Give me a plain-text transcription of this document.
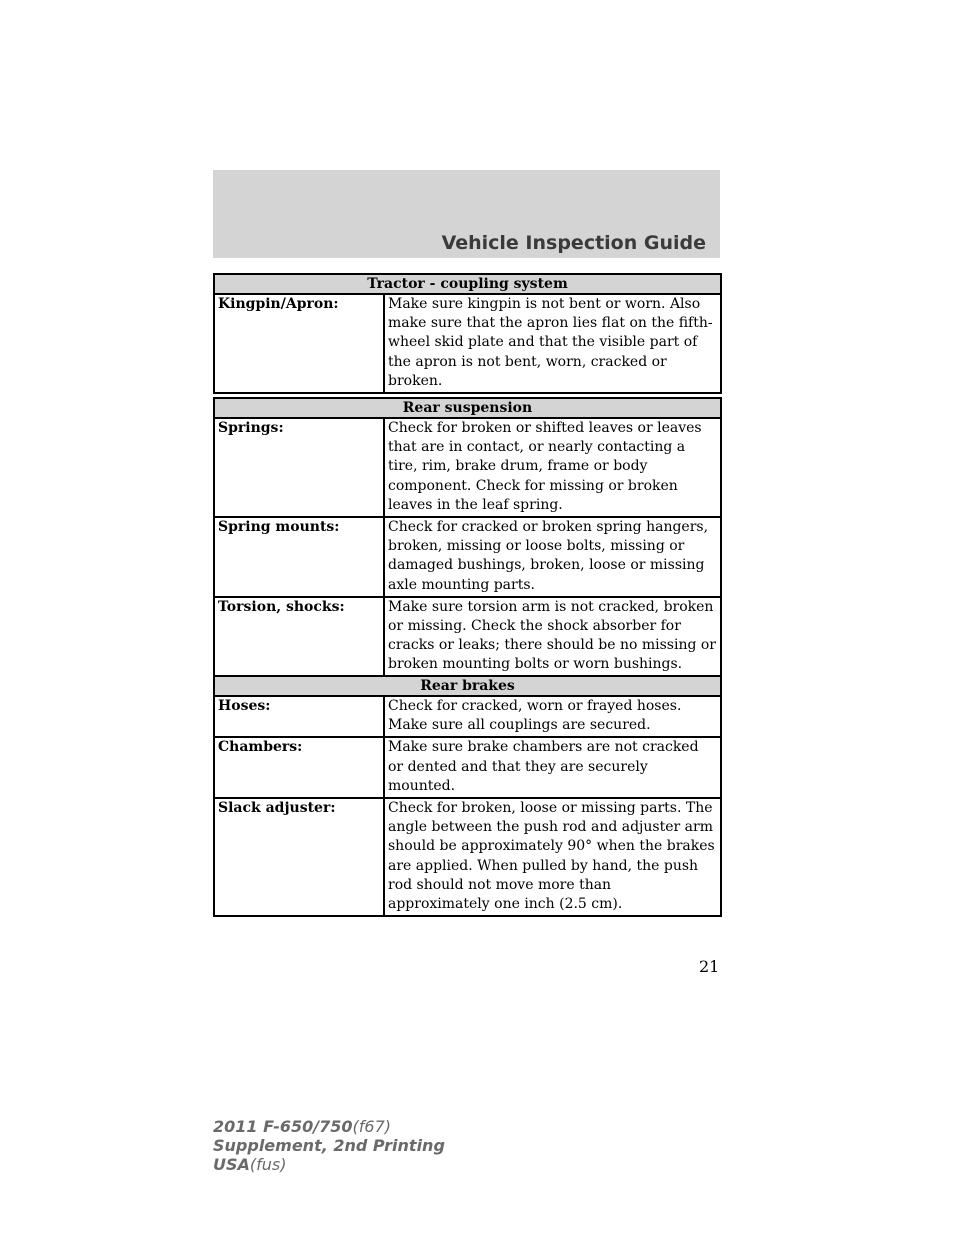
Vehicle Inspection Guide
Tractor - coupling system
Kingpin/Apron:	Make sure kingpin is not bent or worn. Also make sure that the apron lies flat on the fifth-wheel skid plate and that the visible part of the apron is not bent, worn, cracked or broken.
Rear suspension	
Springs:	Check for broken or shifted leaves or leaves that are in contact, or nearly contacting a tire, rim, brake drum, frame or body component. Check for missing or broken leaves in the leaf spring.
Spring mounts:	Check for cracked or broken spring hangers, broken, missing or loose bolts, missing or damaged bushings, broken, loose or missing axle mounting parts.
Torsion, shocks:	Make sure torsion arm is not cracked, broken or missing. Check the shock absorber for cracks or leaks; there should be no missing or broken mounting bolts or worn bushings.
Rear brakes	
Hoses:	Check for cracked, worn or frayed hoses. Make sure all couplings are secured.
Chambers:	Make sure brake chambers are not cracked or dented and that they are securely mounted.
Slack adjuster:	Check for broken, loose or missing parts. The angle between the push rod and adjuster arm should be approximately 90° when the brakes are applied. When pulled by hand, the push rod should not move more than approximately one inch (2.5 cm).
21
2011 F-650/750(f67)
Supplement, 2nd Printing
USA(fus)
